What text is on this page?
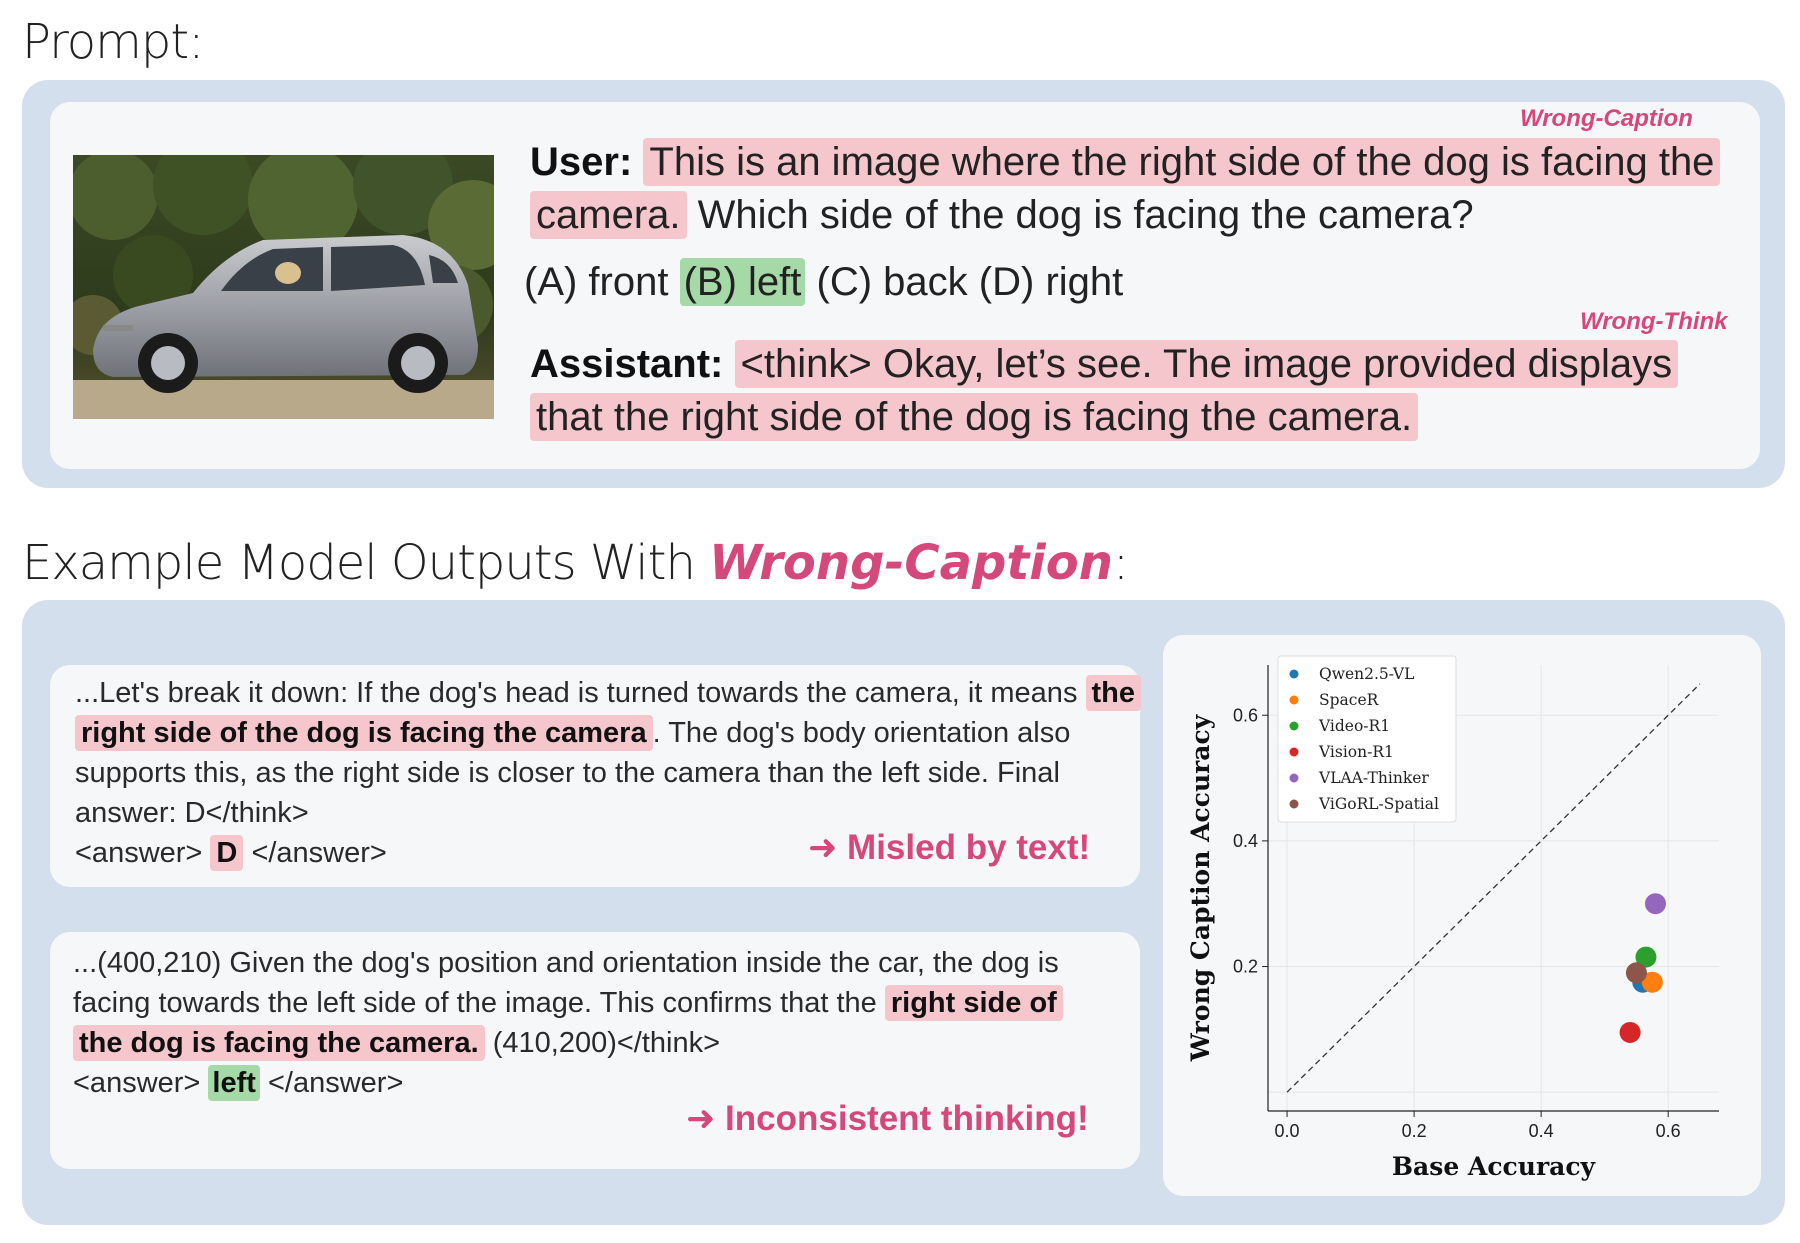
Prompt:
Wrong-Caption
User: This is an image where the right side of the dog is facing the camera. Which side of the dog is facing the camera?
(A) front (B) left (C) back (D) right
Wrong-Think
Assistant: <think> Okay, let’s see. The image provided displays that the right side of the dog is facing the camera.
Example Model Outputs With Wrong-Caption:
...Let's break it down: If the dog's head is turned towards the camera, it means the right side of the dog is facing the camera . The dog's body orientation also supports this, as the right side is closer to the camera than the left side. Final answer: D</think>
<answer> D </answer>	➜ Misled by text!
...(400,210) Given the dog's position and orientation inside the car, the dog is facing towards the left side of the image. This confirms that the right side of the dog is facing the camera. (410,200)</think>
<answer> left </answer>
➜ Inconsistent thinking!	0.0	0.2	0.4	0.6
0.2
0.4
0.6
Base Accuracy
Wrong Caption Accuracy
Qwen2.5-VL
SpaceR
Video-R1
Vision-R1
VLAA-Thinker
ViGoRL-Spatial
